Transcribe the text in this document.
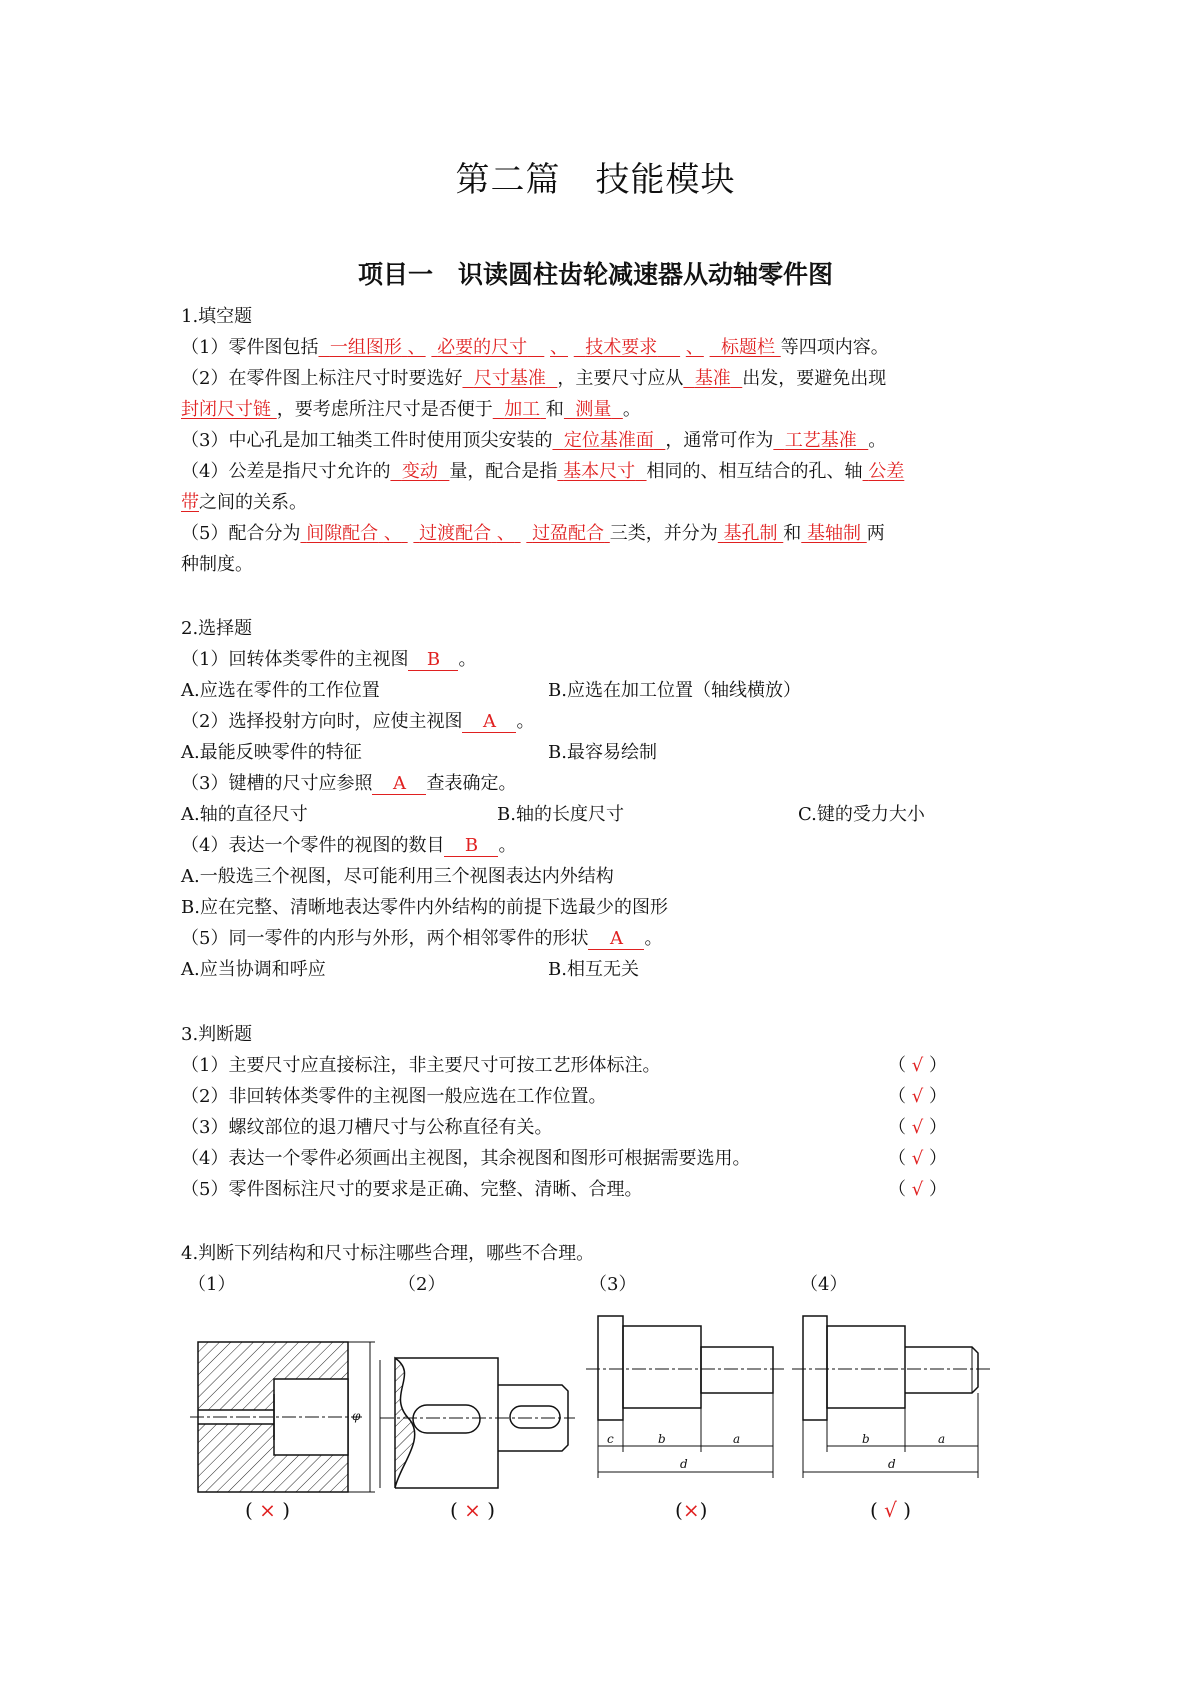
第二篇　技能模块
项目一　识读圆柱齿轮减速器从动轴零件图
1.填空题
（1）零件图包括 一组图形 、 必要的尺寸 、 技术要求 、 标题栏 等四项内容。
（2）在零件图上标注尺寸时要选好 尺寸基准 ，主要尺寸应从 基准 出发，要避免出现
封闭尺寸链 ，要考虑所注尺寸是否便于 加工 和 测量 。
（3）中心孔是加工轴类工件时使用顶尖安装的 定位基准面 ，通常可作为 工艺基准 。
（4）公差是指尺寸允许的 变动 量，配合是指 基本尺寸 相同的、相互结合的孔、轴 公差
带之间的关系。
（5）配合分为 间隙配合 、 过渡配合 、 过盈配合 三类，并分为 基孔制 和 基轴制 两
种制度。
2.选择题
（1）回转体类零件的主视图 B 。
A.应选在零件的工作位置	B.应选在加工位置（轴线横放）
（2）选择投射方向时，应使主视图 A 。
A.最能反映零件的特征	B.最容易绘制
（3）键槽的尺寸应参照 A 查表确定。
A.轴的直径尺寸	B.轴的长度尺寸	C.键的受力大小
（4）表达一个零件的视图的数目 B 。
A.一般选三个视图，尽可能利用三个视图表达内外结构
B.应在完整、清晰地表达零件内外结构的前提下选最少的图形
（5）同一零件的内形与外形，两个相邻零件的形状 A 。
A.应当协调和呼应	B.相互无关
3.判断题
（1）主要尺寸应直接标注，非主要尺寸可按工艺形体标注。	（ √ ）
（2）非回转体类零件的主视图一般应选在工作位置。	（ √ ）
（3）螺纹部位的退刀槽尺寸与公称直径有关。	（ √ ）
（4）表达一个零件必须画出主视图，其余视图和图形可根据需要选用。	（ √ ）
（5）零件图标注尺寸的要求是正确、完整、清晰、合理。	（ √ ）
4.判断下列结构和尺寸标注哪些合理，哪些不合理。
（1）	（2）	（3）	（4）
φ
c	b	a
d
b	a
d
( × )	( × )	(×)	( √ )
